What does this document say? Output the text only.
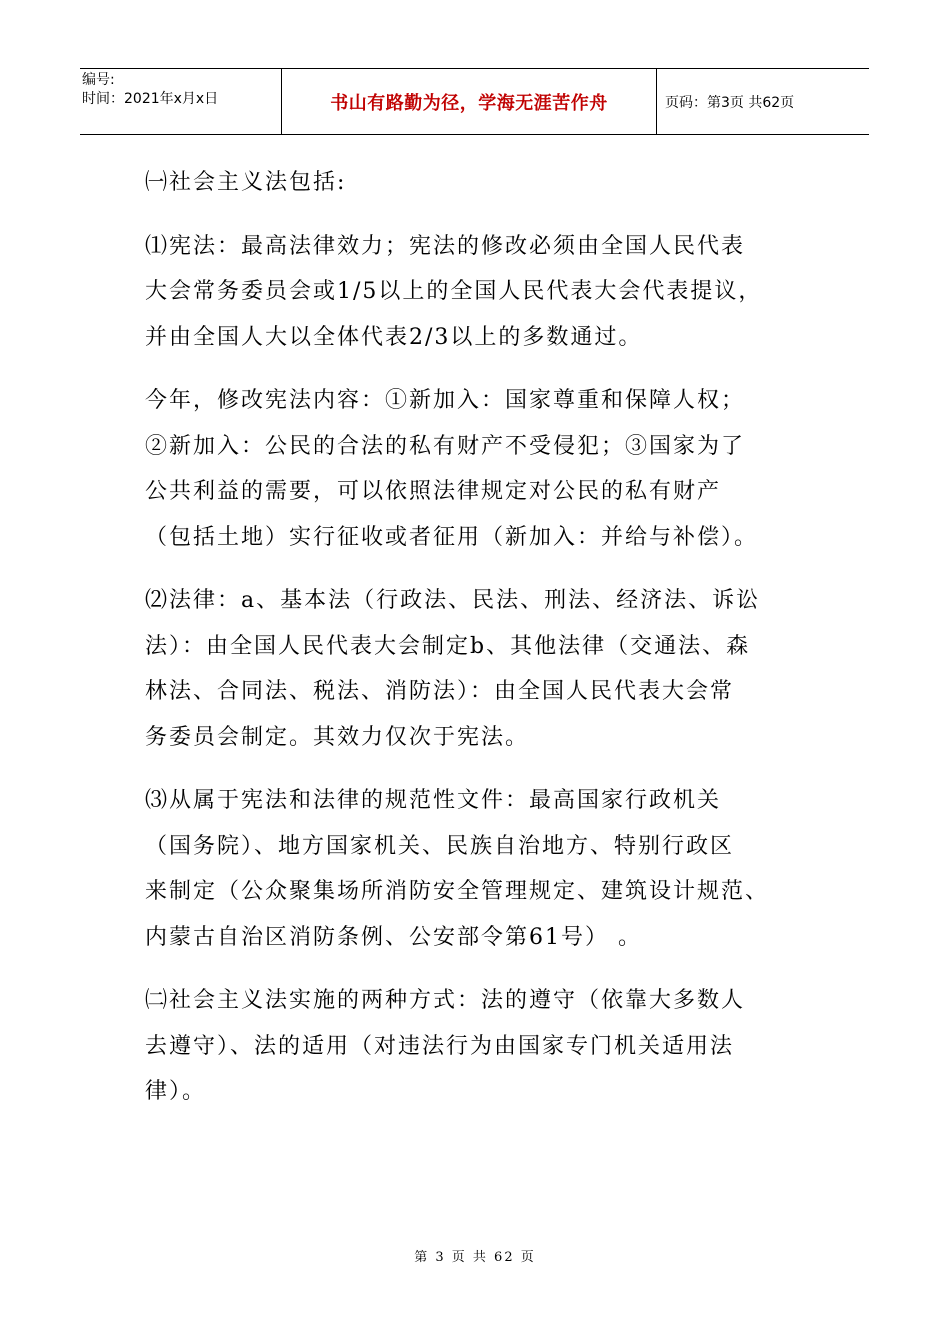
编号:
时间：2021年x月x日	书山有路勤为径，学海无涯苦作舟	页码：第3页 共62页

㈠社会主义法包括:

⑴宪法：最高法律效力；宪法的修改必须由全国人民代表
大会常务委员会或1/5以上的全国人民代表大会代表提议，
并由全国人大以全体代表2/3以上的多数通过。

今年，修改宪法内容：①新加入：国家尊重和保障人权；
②新加入：公民的合法的私有财产不受侵犯；③国家为了
公共利益的需要，可以依照法律规定对公民的私有财产
（包括土地）实行征收或者征用（新加入：并给与补偿）。

⑵法律：a、基本法（行政法、民法、刑法、经济法、诉讼
法）：由全国人民代表大会制定b、其他法律（交通法、森
林法、合同法、税法、消防法）：由全国人民代表大会常
务委员会制定。其效力仅次于宪法。

⑶从属于宪法和法律的规范性文件：最高国家行政机关
（国务院）、地方国家机关、民族自治地方、特别行政区
来制定（公众聚集场所消防安全管理规定、建筑设计规范、
内蒙古自治区消防条例、公安部令第61号） 。

㈡社会主义法实施的两种方式：法的遵守（依靠大多数人
去遵守）、法的适用（对违法行为由国家专门机关适用法
律）。

第 3 页 共 62 页
